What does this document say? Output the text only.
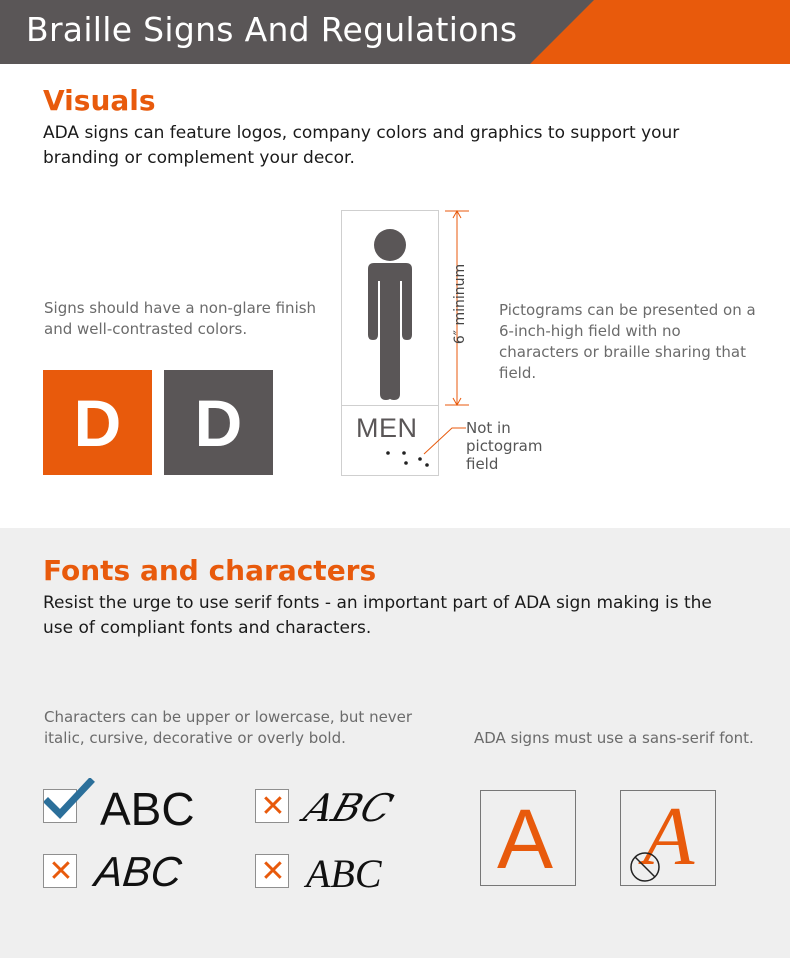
Braille Signs And Regulations
Visuals

ADA signs can feature logos, company colors and graphics to support your branding or complement your decor.

Signs should have a non-glare finish and well-contrasted colors.

D D	MEN
6″ mininum
Not in pictogram field

Pictograms can be presented on a 6-inch-high field with no characters or braille sharing that field.

Fonts and characters

Resist the urge to use serif fonts - an important part of ADA sign making is the use of compliant fonts and characters.

Characters can be upper or lowercase, but never italic, cursive, decorative or overly bold.	ADA signs must use a sans-serif font.

ABC ✕ ABC
✕ ABC	✕ ABC A A
